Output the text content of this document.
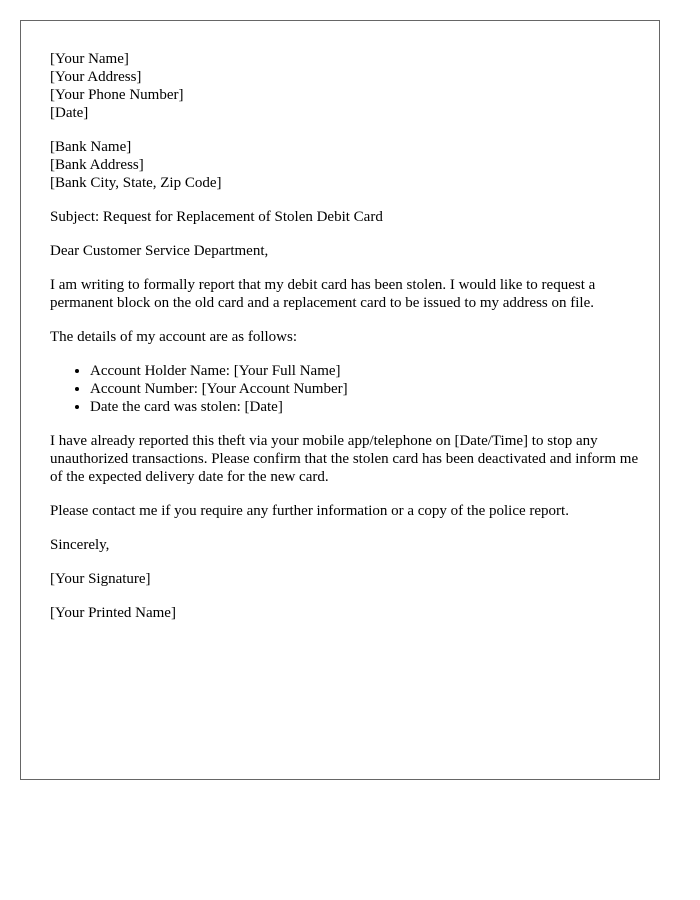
[Your Name]
[Your Address]
[Your Phone Number]
[Date]
[Bank Name]
[Bank Address]
[Bank City, State, Zip Code]

Subject: Request for Replacement of Stolen Debit Card

Dear Customer Service Department,

I am writing to formally report that my debit card has been stolen. I would like to request a permanent block on the old card and a replacement card to be issued to my address on file.

The details of my account are as follows:

• Account Holder Name: [Your Full Name]
• Account Number: [Your Account Number]
• Date the card was stolen: [Date]

I have already reported this theft via your mobile app/telephone on [Date/Time] to stop any unauthorized transactions. Please confirm that the stolen card has been deactivated and inform me of the expected delivery date for the new card.

Please contact me if you require any further information or a copy of the police report.

Sincerely,

[Your Signature]

[Your Printed Name]
